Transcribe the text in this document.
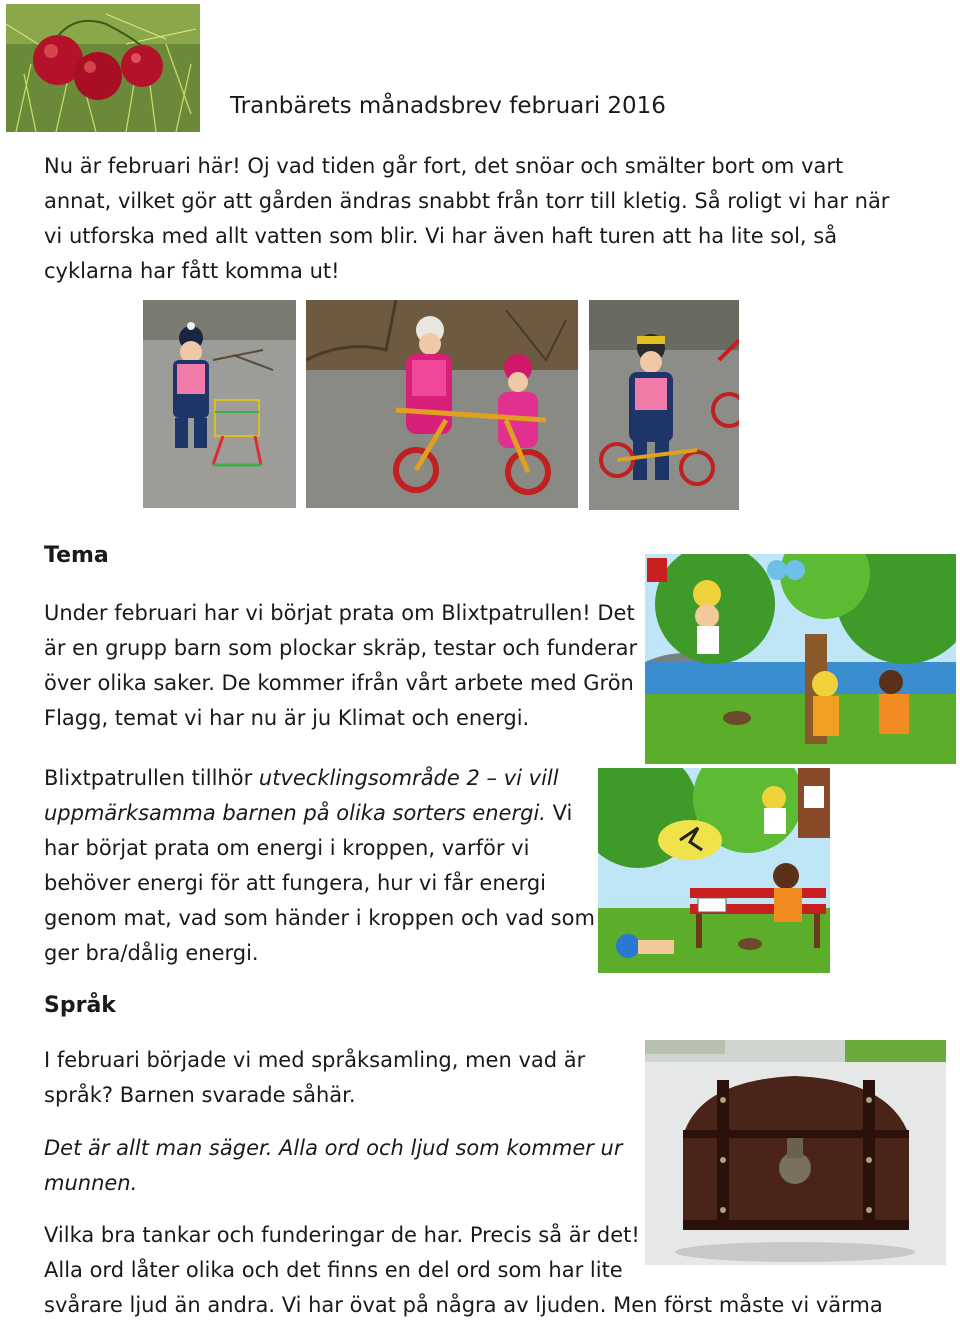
Tranbärets månadsbrev februari 2016
Nu är februari här! Oj vad tiden går fort, det snöar och smälter bort om vart
annat, vilket gör att gården ändras snabbt från torr till kletig. Så roligt vi har när
vi utforska med allt vatten som blir. Vi har även haft turen att ha lite sol, så
cyklarna har fått komma ut!
Tema
Under februari har vi börjat prata om Blixtpatrullen! Det
är en grupp barn som plockar skräp, testar och funderar
över olika saker. De kommer ifrån vårt arbete med Grön
Flagg, temat vi har nu är ju Klimat och energi.
Blixtpatrullen tillhör utvecklingsområde 2 – vi vill
uppmärksamma barnen på olika sorters energi. Vi
har börjat prata om energi i kroppen, varför vi
behöver energi för att fungera, hur vi får energi
genom mat, vad som händer i kroppen och vad som
ger bra/dålig energi.
Språk
I februari började vi med språksamling, men vad är
språk? Barnen svarade såhär.
Det är allt man säger. Alla ord och ljud som kommer ur
munnen.
Vilka bra tankar och funderingar de har. Precis så är det!
Alla ord låter olika och det finns en del ord som har lite
svårare ljud än andra. Vi har övat på några av ljuden. Men först måste vi värma
